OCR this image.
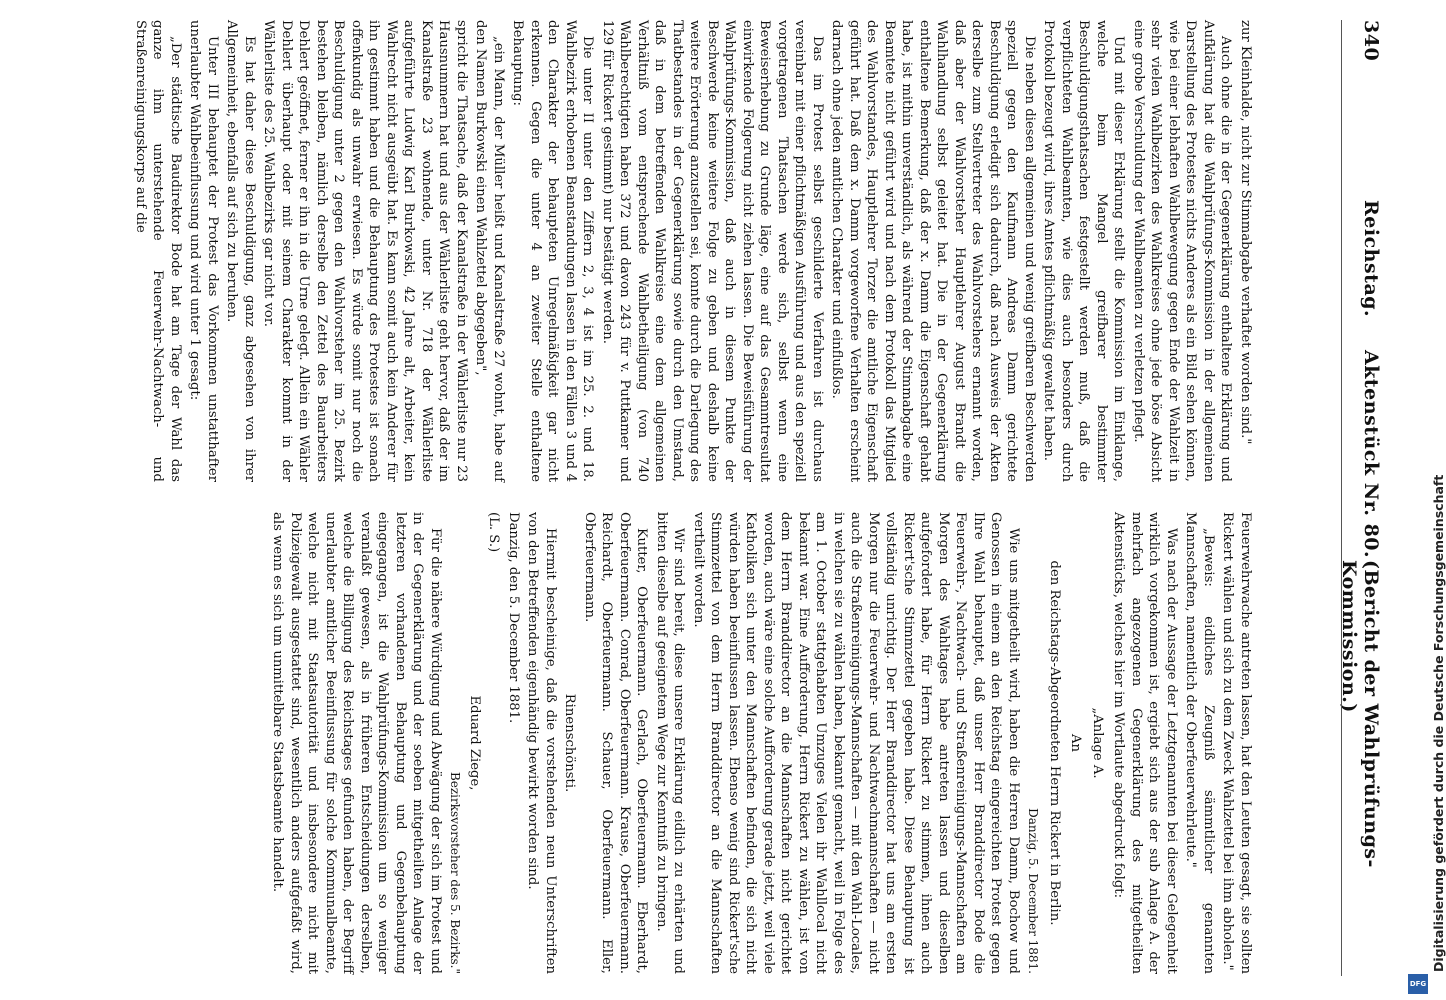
340
Reichstag.
Aktenstück Nr. 80.
(Bericht der Wahlprüfungs-Kommission.)

zur Kleinhalde, nicht zur Stimmabgabe verhaftet worden sind."

Auch ohne die in der Gegenerklärung enthaltene Erklärung und Aufklärung hat die Wahlprüfungs-Kommission in der allgemeinen Darstellung des Protestes nichts Anderes als ein Bild sehen können, wie bei einer lebhaften Wahlbewegung gegen Ende der Wahlzeit in sehr vielen Wahlbezirken des Wahlkreises ohne jede böse Absicht eine grobe Verschuldung der Wahlbeamten zu verletzen pflegt.

Und mit dieser Erklärung stellt die Kommission im Einklange, welche beim Mangel greifbarer bestimmter Beschuldigungsthatsachen festgestellt werden muß, daß die verpflichteten Wahlbeamten, wie dies auch besonders durch Protokoll bezeugt wird, ihres Amtes pflichtmäßig gewaltet haben.

Die neben diesen allgemeinen und wenig greifbaren Beschwerden speziell gegen den Kaufmann Andreas Damm gerichtete Beschuldigung erledigt sich dadurch, daß nach Ausweis der Akten derselbe zum Stellvertreter des Wahlvorstehers ernannt worden, daß aber der Wahlvorsteher Hauptlehrer August Brandt die Wahlhandlung selbst geleitet hat. Die in der Gegenerklärung enthaltene Bemerkung, daß der x. Damm die Eigenschaft gehabt habe, ist mithin unverständlich, als während der Stimmabgabe eine Beamtete nicht geführt wird und nach dem Protokoll das Mitglied des Wahlvorstandes, Hauptlehrer Torzer die amtliche Eigenschaft geführt hat. Daß dem x. Damm vorgeworfene Verhalten erscheint darnach ohne jeden amtlichen Charakter und einflußlos.

Das im Protest selbst geschilderte Verfahren ist durchaus vereinbar mit einer pflichtmäßigen Ausführung und aus den speziell vorgetragenen Thatsachen werde sich, selbst wenn eine Beweiserhebung zu Grunde läge, eine auf das Gesammtresultat einwirkende Folgerung nicht ziehen lassen. Die Beweisführung der Wahlprüfungs-Kommission, daß auch in diesem Punkte der Beschwerde keine weitere Folge zu geben und deshalb keine weitere Erörterung anzustellen sei, konnte durch die Darlegung des Thatbestandes in der Gegenerklärung sowie durch den Umstand, daß in dem betreffenden Wahlkreise eine dem allgemeinen Verhältniß vom entsprechende Wahlbetheiligung (von 740 Wahlberechtigten haben 372 und davon 243 für v. Puttkamer und 129 für Rickert gestimmt) nur bestätigt werden.

Die unter II unter den Ziffern 2, 3, 4 ist im 25. 2. und 18. Wahlbezirk erhobenen Beanstandungen lassen in den Fällen 3 und 4 den Charakter der behaupteten Unregelmäßigkeit gar nicht erkennen. Gegen die unter 4 an zweiter Stelle enthaltene Behauptung:

„ein Mann, der Müller heißt und Kanalstraße 27 wohnt, habe auf den Namen Burkowski einen Wahlzettel abgegeben",

spricht die Thatsache, daß der Kanalstraße in der Wählerliste nur 23 Hausnummern hat und aus der Wählerliste geht hervor, daß der im Kanalstraße 23 wohnende, unter Nr. 718 der Wählerliste aufgeführte Ludwig Karl Burkowski, 42 Jahre alt, Arbeiter, kein Wahlrecht nicht ausgeübt hat. Es kann somit auch kein Anderer für ihn gestimmt haben und die Behauptung des Protestes ist sonach offenkundig als unwahr erwiesen. Es würde somit nur noch die Beschuldigung unter 2 gegen den Wahlvorsteher im 25. Bezirk bestehen bleiben, nämlich derselbe den Zettel des Bauarbeiters Dehlert geöffnet, ferner er ihn in die Urne gelegt. Allein ein Wähler Dehlert überhaupt oder mit seinem Charakter kommt in der Wählerliste des 25. Wahlbezirks gar nicht vor.

Es hat daher diese Beschuldigung, ganz abgesehen von ihrer Allgemeinheit, ebenfalls auf sich zu beruhen.

Unter III behauptet der Protest das Vorkommen unstatthafter unerlaubter Wahlbeeinflussung und wird unter 1 gesagt:

„Der städtische Baudirektor Bode hat am Tage der Wahl das ganze ihm unterstehende Feuerwehr-Nachtwach- und Straßenreinigungskorps auf die

Feuerwehrwache antreten lassen, hat den Leuten gesagt, sie sollten Rickert wählen und sich zu dem Zweck Wahlzettel bei ihm abholen."

„Beweis: eidliches Zeugniß sämmtlicher genannten Mannschaften, namentlich der Oberfeuerwehrleute."

Was nach der Aussage der Letztgenannten bei dieser Gelegenheit wirklich vorgekommen ist, ergiebt sich aus der sub Anlage A. der mehrfach angezogenen Gegenerklärung des mitgetheilten Aktenstücks, welches hier im Wortlaute abgedruckt folgt:

„Anlage A.

An

den Reichstags-Abgeordneten Herrn Rickert in Berlin.

Danzig, 5. December 1881.

Wie uns mitgetheilt wird, haben die Herren Damm, Bochow und Genossen in einem an den Reichstag eingereichten Protest gegen Ihre Wahl behauptet, daß unser Herr Branddirector Bode die Feuerwehr-, Nachtwach- und Straßenreinigungs-Mannschaften am Morgen des Wahltages habe antreten lassen und dieselben aufgefordert habe, für Herrn Rickert zu stimmen, ihnen auch Rickert'sche Stimmzettel gegeben habe. Diese Behauptung ist vollständig unrichtig. Der Herr Branddirector hat uns am ersten Morgen nur die Feuerwehr- und Nachtwachmannschaften — nicht auch die Straßenreinigungs-Mannschaften — mit den Wahl-Locales, in welchen sie zu wählen haben, bekannt gemacht, weil in Folge des am 1. October stattgehabten Umzuges Vielen ihr Wahllocal nicht bekannt war. Eine Aufforderung, Herrn Rickert zu wählen, ist von dem Herrn Branddirector an die Mannschaften nicht gerichtet worden, auch wäre eine solche Aufforderung gerade jetzt, weil viele Katholiken sich unter den Mannschaften befinden, die sich nicht würden haben beeinflussen lassen. Ebenso wenig sind Rickert'sche Stimmzettel von dem Herrn Branddirector an die Mannschaften vertheilt worden.

Wir sind bereit, diese unsere Erklärung eidlich zu erhärten und bitten dieselbe auf geeignetem Wege zur Kenntniß zu bringen.

Kutter, Oberfeuermann. Gerlach, Oberfeuermann. Eberhardt, Oberfeuermann. Conrad, Oberfeuermann. Krause, Oberfeuermann. Reichardt, Oberfeuermann. Schauer, Oberfeuermann. Eller, Oberfeuermann.

Rinenschönsti.

Hiermit bescheinige, daß die vorstehenden neun Unterschriften von den Betreffenden eigenhändig bewirkt worden sind.

Danzig, den 5. December 1881.

(L. S.)

Eduard Ziege,

Bezirksvorsteher des 5. Bezirks."

Für die nähere Würdigung und Abwägung der sich im Protest und in der Gegenerklärung und der soeben mitgetheilten Anlage der letzteren vorhandenen Behauptung und Gegenbehauptung eingegangen, ist die Wahlprüfungs-Kommission um so weniger veranlaßt gewesen, als in früheren Entscheidungen derselben, welche die Billigung des Reichstages gefunden haben, der Begriff unerlaubter amtlicher Beeinflussung für solche Kommunalbeamte, welche nicht mit Staatsautorität und insbesondere nicht mit Polizeigewalt ausgestattet sind, wesentlich anders aufgefaßt wird, als wenn es sich um unmittelbare Staatsbeamte handelt.	Digitalisierung gefördert durch die Deutsche Forschungsgemeinschaft
DFG
